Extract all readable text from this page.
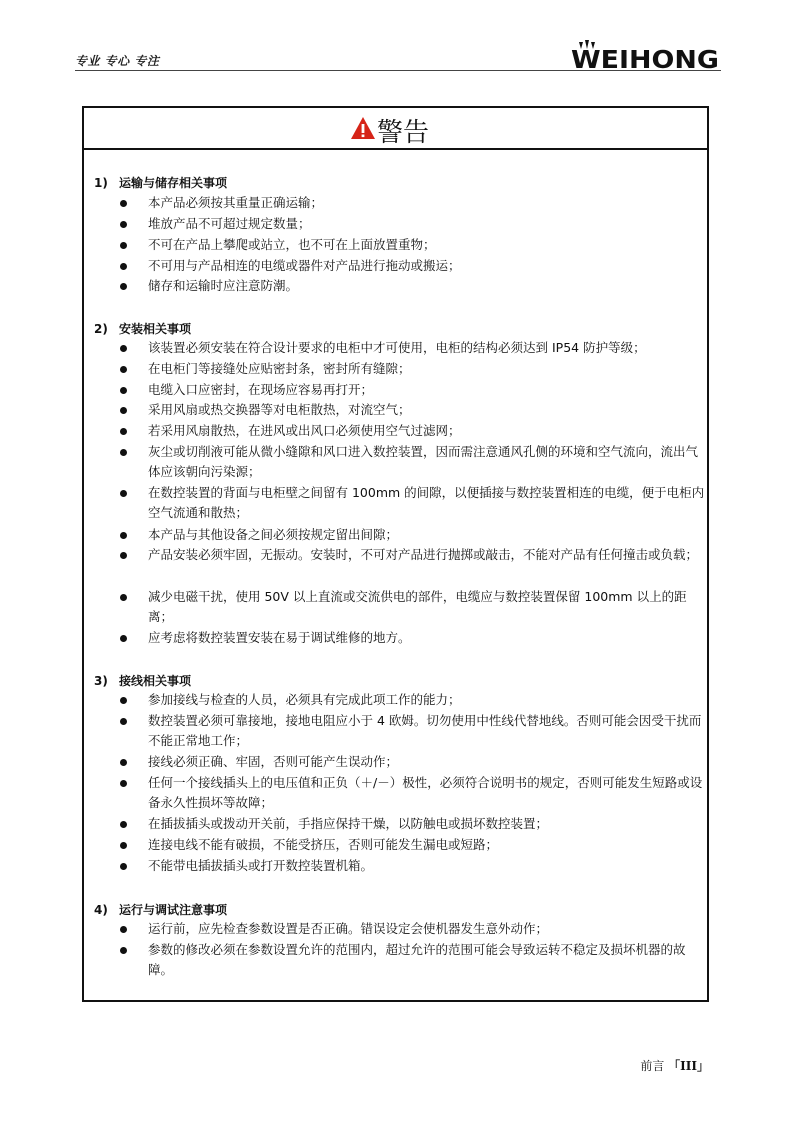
专业 专心 专注	WEIHONG
警告
1) 运输与储存相关事项
本产品必须按其重量正确运输；
堆放产品不可超过规定数量；
不可在产品上攀爬或站立，也不可在上面放置重物；
不可用与产品相连的电缆或器件对产品进行拖动或搬运；
储存和运输时应注意防潮。
2) 安装相关事项
该装置必须安装在符合设计要求的电柜中才可使用，电柜的结构必须达到 IP54 防护等级；
在电柜门等接缝处应贴密封条，密封所有缝隙；
电缆入口应密封，在现场应容易再打开；
采用风扇或热交换器等对电柜散热，对流空气；
若采用风扇散热，在进风或出风口必须使用空气过滤网；
灰尘或切削液可能从微小缝隙和风口进入数控装置，因而需注意通风孔侧的环境和空气流向，流出气体应该朝向污染源；
在数控装置的背面与电柜壁之间留有 100mm 的间隙，以便插接与数控装置相连的电缆，便于电柜内空气流通和散热；
本产品与其他设备之间必须按规定留出间隙；
产品安装必须牢固，无振动。安装时，不可对产品进行抛掷或敲击，不能对产品有任何撞击或负载；
减少电磁干扰，使用 50V 以上直流或交流供电的部件，电缆应与数控装置保留 100mm 以上的距离；
应考虑将数控装置安装在易于调试维修的地方。
3) 接线相关事项
参加接线与检查的人员，必须具有完成此项工作的能力；
数控装置必须可靠接地，接地电阻应小于 4 欧姆。切勿使用中性线代替地线。否则可能会因受干扰而不能正常地工作；
接线必须正确、牢固，否则可能产生误动作；
任何一个接线插头上的电压值和正负（＋/－）极性，必须符合说明书的规定，否则可能发生短路或设备永久性损坏等故障；
在插拔插头或拨动开关前，手指应保持干燥，以防触电或损坏数控装置；
连接电线不能有破损，不能受挤压，否则可能发生漏电或短路；
不能带电插拔插头或打开数控装置机箱。
4) 运行与调试注意事项
运行前，应先检查参数设置是否正确。错误设定会使机器发生意外动作；
参数的修改必须在参数设置允许的范围内，超过允许的范围可能会导致运转不稳定及损坏机器的故障。
前言 「III」
